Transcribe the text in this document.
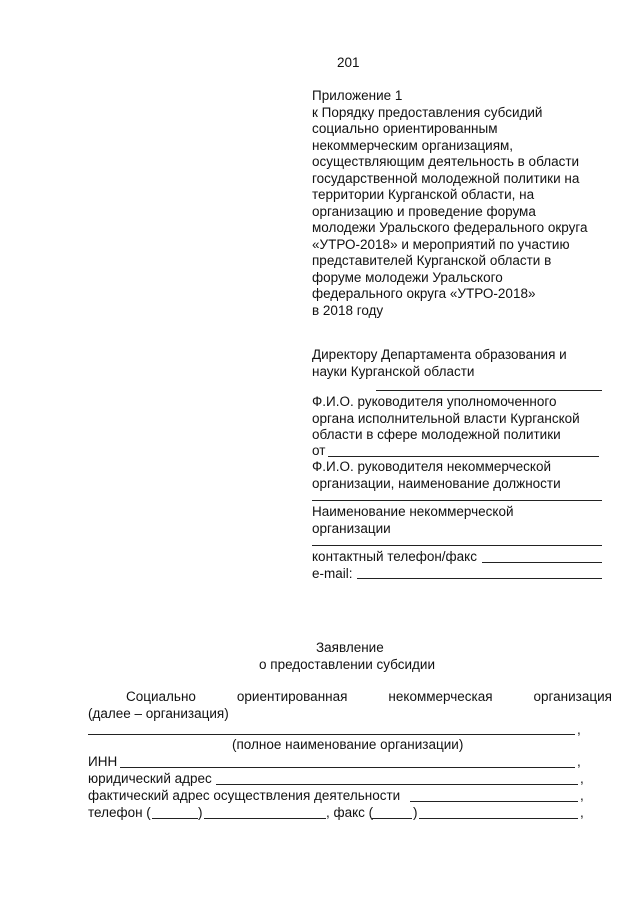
201
Приложение 1
к Порядку предоставления субсидий
социально ориентированным
некоммерческим организациям,
осуществляющим деятельность в области
государственной молодежной политики на
территории Курганской области, на
организацию и проведение форума
молодежи Уральского федерального округа
«УТРО-2018» и мероприятий по участию
представителей Курганской области в
форуме молодежи Уральского
федерального округа «УТРО-2018»
в 2018 году
Директору Департамента образования и
науки Курганской области
Ф.И.О. руководителя уполномоченного
органа исполнительной власти Курганской
области в сфере молодежной политики
от
Ф.И.О. руководителя некоммерческой
организации, наименование должности
Наименование некоммерческой
организации
контактный телефон/факс
e-mail:
Заявление
о предоставлении субсидии
Социально	ориентированная	некоммерческая	организация
(далее – организация)
,
(полное наименование организации)
ИНН	,
юридический адрес	,
фактический адрес осуществления деятельности	,
телефон (	)	, факс (	)	,
